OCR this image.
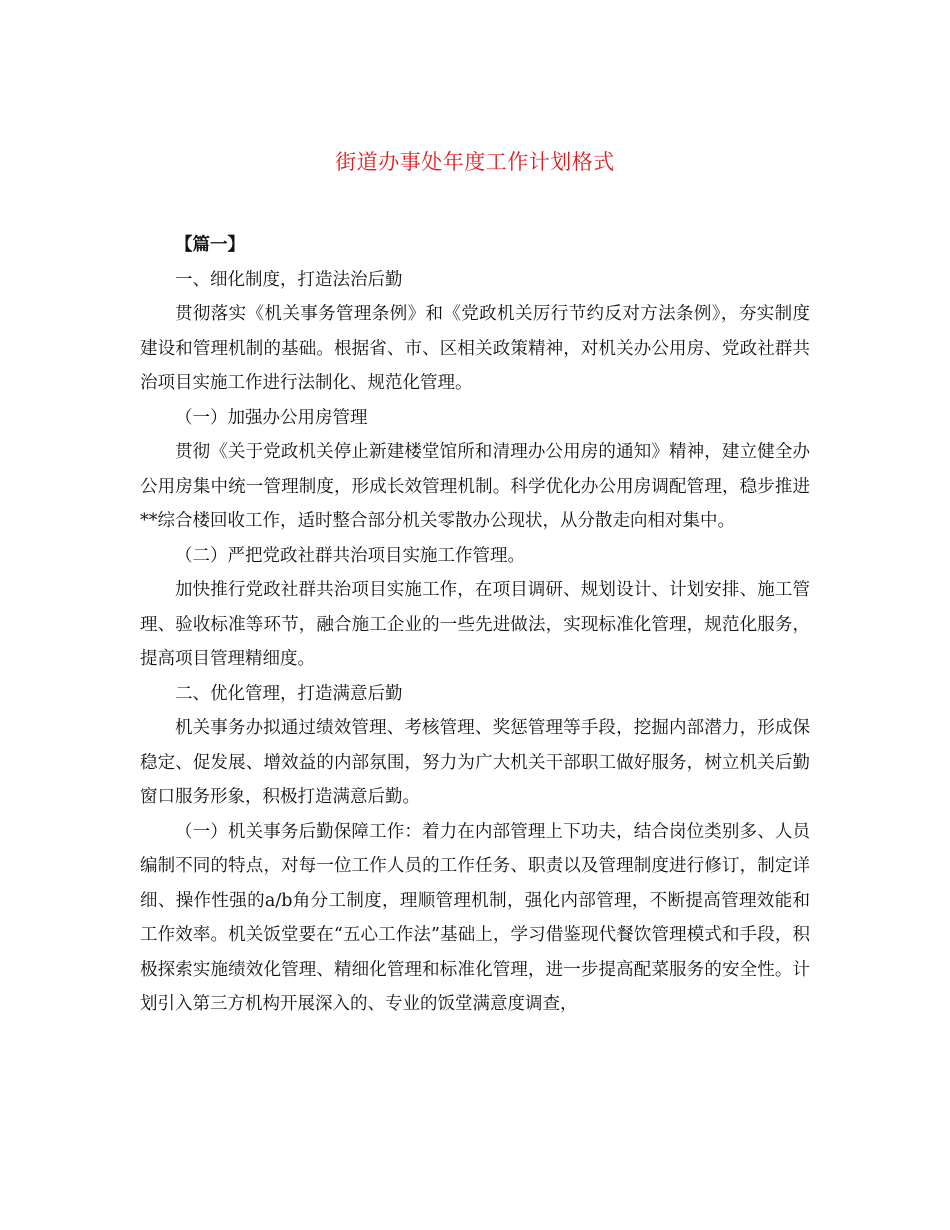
街道办事处年度工作计划格式

【篇一】

一、细化制度，打造法治后勤

贯彻落实《机关事务管理条例》和《党政机关厉行节约反对方法条例》，夯实制度建设和管理机制的基础。根据省、市、区相关政策精神，对机关办公用房、党政社群共治项目实施工作进行法制化、规范化管理。

（一）加强办公用房管理

贯彻《关于党政机关停止新建楼堂馆所和清理办公用房的通知》精神，建立健全办公用房集中统一管理制度，形成长效管理机制。科学优化办公用房调配管理，稳步推进**综合楼回收工作，适时整合部分机关零散办公现状，从分散走向相对集中。

（二）严把党政社群共治项目实施工作管理。

加快推行党政社群共治项目实施工作，在项目调研、规划设计、计划安排、施工管理、验收标准等环节，融合施工企业的一些先进做法，实现标准化管理，规范化服务，提高项目管理精细度。

二、优化管理，打造满意后勤

机关事务办拟通过绩效管理、考核管理、奖惩管理等手段，挖掘内部潜力，形成保稳定、促发展、增效益的内部氛围，努力为广大机关干部职工做好服务，树立机关后勤窗口服务形象，积极打造满意后勤。

（一）机关事务后勤保障工作：着力在内部管理上下功夫，结合岗位类别多、人员编制不同的特点，对每一位工作人员的工作任务、职责以及管理制度进行修订，制定详细、操作性强的a/b角分工制度，理顺管理机制，强化内部管理，不断提高管理效能和工作效率。机关饭堂要在“五心工作法”基础上，学习借鉴现代餐饮管理模式和手段，积极探索实施绩效化管理、精细化管理和标准化管理，进一步提高配菜服务的安全性。计划引入第三方机构开展深入的、专业的饭堂满意度调查，
